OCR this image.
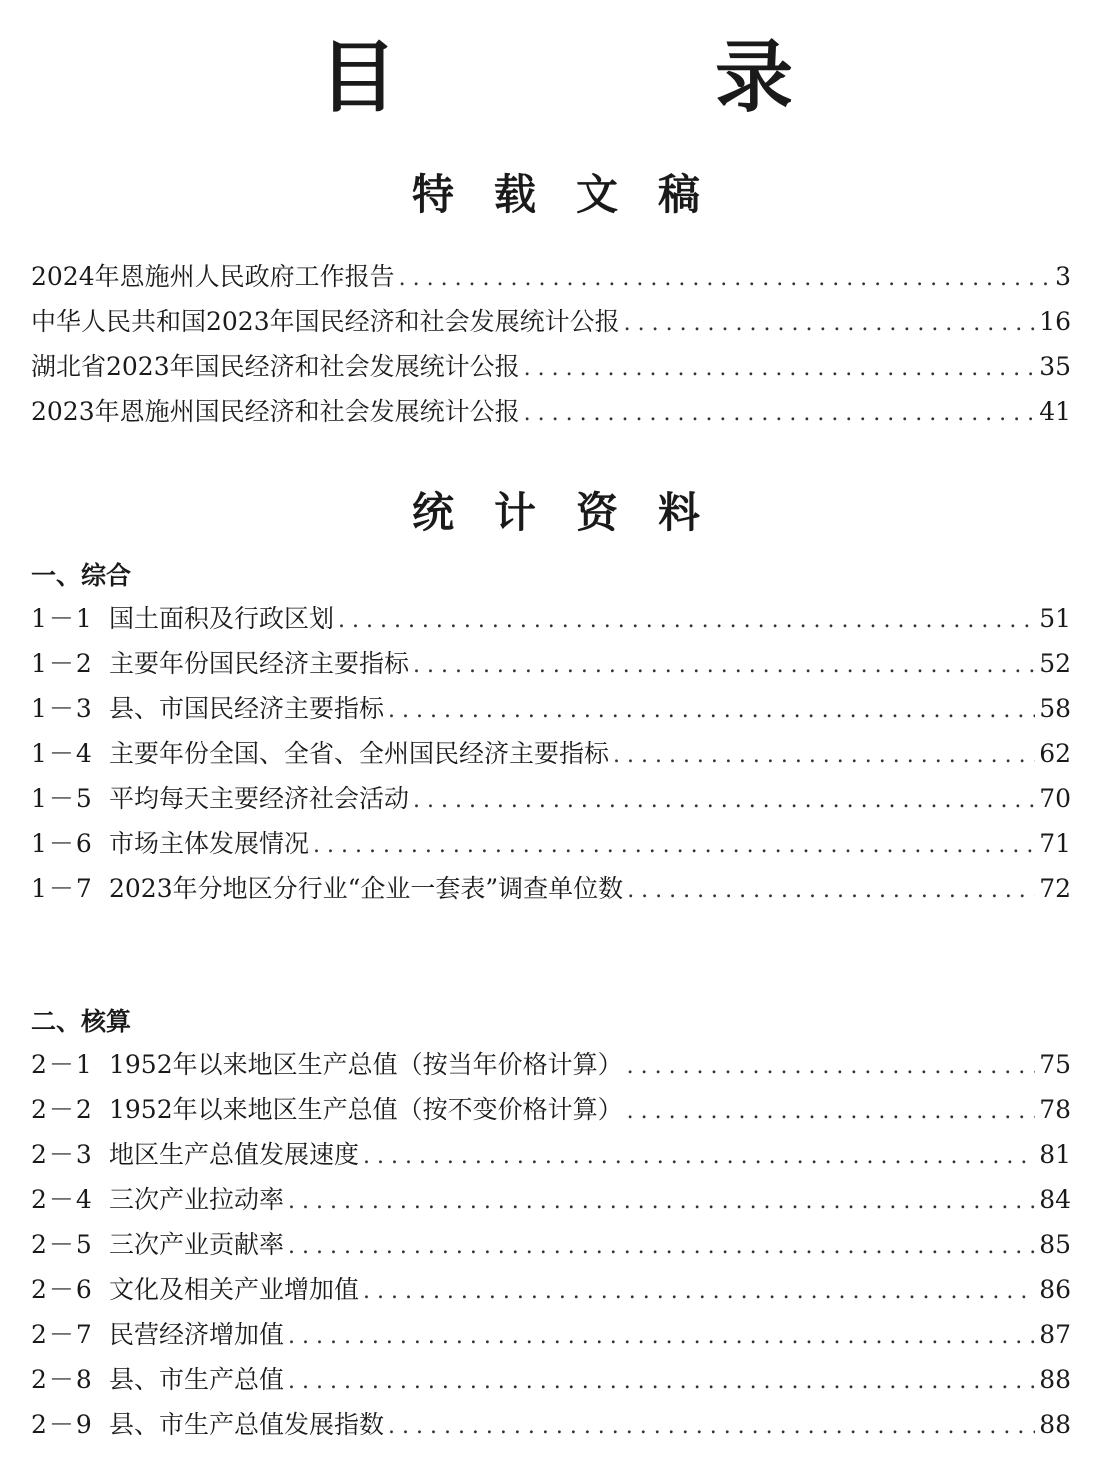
目　录
特载文稿
2024年恩施州人民政府工作报告 . . .	3
中华人民共和国2023年国民经济和社会发展统计公报 . . .	16
湖北省2023年国民经济和社会发展统计公报 . . .	35
2023年恩施州国民经济和社会发展统计公报 . . .	41
统计资料
一、综合
1－1 国土面积及行政区划 . . .	51
1－2 主要年份国民经济主要指标 . . .	52
1－3 县、市国民经济主要指标 . . .	58
1－4 主要年份全国、全省、全州国民经济主要指标 . . .	62
1－5 平均每天主要经济社会活动 . . .	70
1－6 市场主体发展情况 . . .	71
1－7 2023年分地区分行业“企业一套表”调查单位数 . . .	72
二、核算
2－1 1952年以来地区生产总值（按当年价格计算） . . .	75
2－2 1952年以来地区生产总值（按不变价格计算） . . .	78
2－3 地区生产总值发展速度 . . .	81
2－4 三次产业拉动率 . . .	84
2－5 三次产业贡献率 . . .	85
2－6 文化及相关产业增加值 . . .	86
2－7 民营经济增加值 . . .	87
2－8 县、市生产总值 . . .	88
2－9 县、市生产总值发展指数 . . .	88
